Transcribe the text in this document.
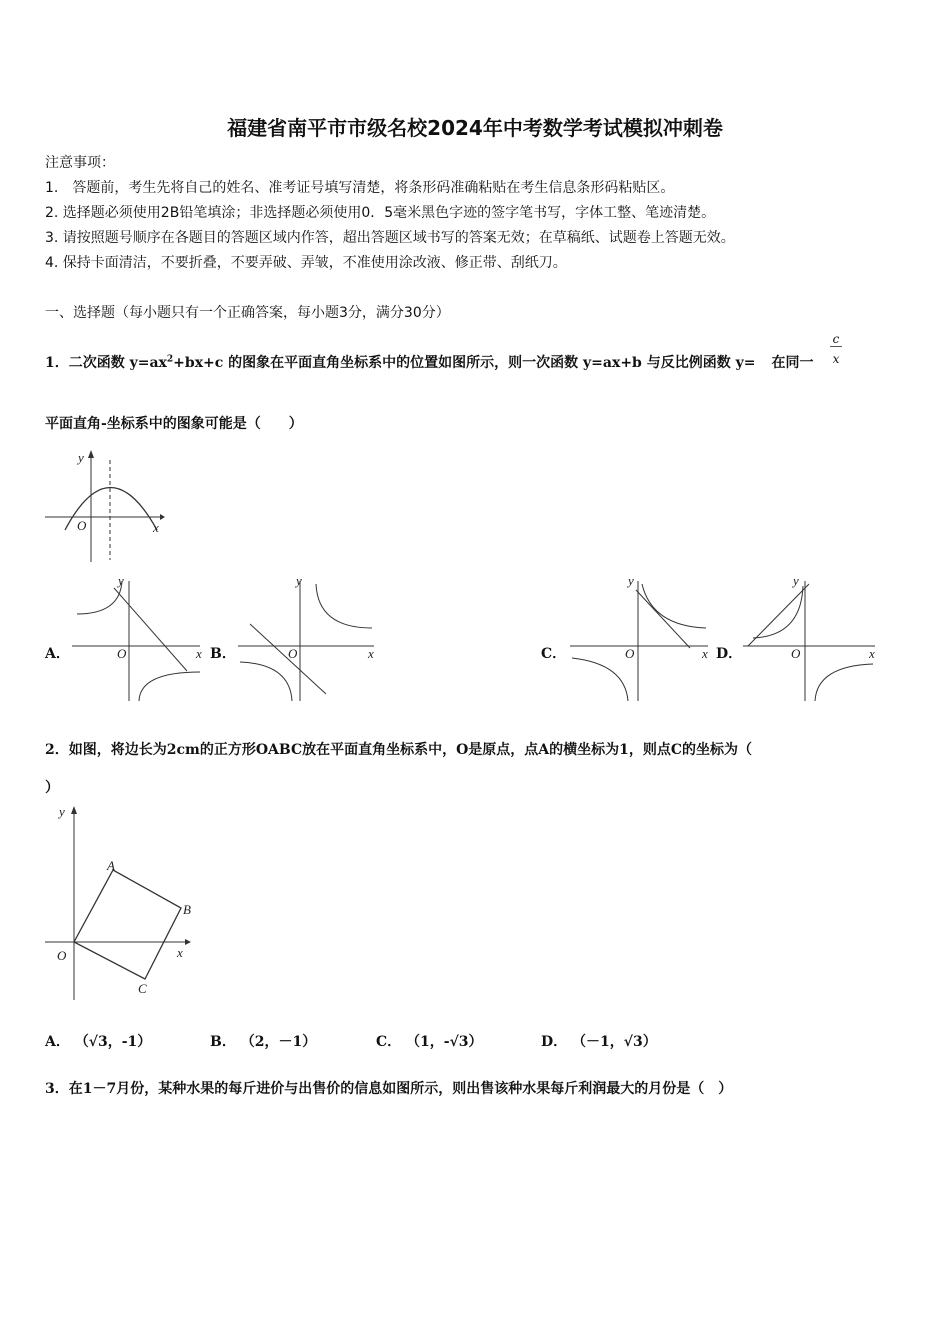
福建省南平市市级名校2024年中考数学考试模拟冲刺卷
注意事项：
1.　答题前，考生先将自己的姓名、准考证号填写清楚，将条形码准确粘贴在考生信息条形码粘贴区。
2. 选择题必须使用2B铅笔填涂；非选择题必须使用0．5毫米黑色字迹的签字笔书写，字体工整、笔迹清楚。
3. 请按照题号顺序在各题目的答题区域内作答，超出答题区域书写的答案无效；在草稿纸、试题卷上答题无效。
4. 保持卡面清洁，不要折叠，不要弄破、弄皱，不准使用涂改液、修正带、刮纸刀。
一、选择题（每小题只有一个正确答案，每小题3分，满分30分）
1．二次函数 $y=ax^2+bx+c$ 的图象在平面直角坐标系中的位置如图所示，则一次函数 y=ax+b 与反比例函数 y= 在同一
c
x
平面直角-坐标系中的图象可能是（　　）
y
O	x
A．
y
O	x B．
y
O	x	C．
y
O	x D．
y
O	x
2．如图，将边长为2cm的正方形OABC放在平面直角坐标系中，O是原点，点A的横坐标为1，则点C的坐标为（
）
y
O
A
B
C
x
A． （√3，-1）	B． （2，－1）	C． （1，-√3）	D． （－1，√3）
3．在1－7月份，某种水果的每斤进价与出售价的信息如图所示，则出售该种水果每斤利润最大的月份是（　）
